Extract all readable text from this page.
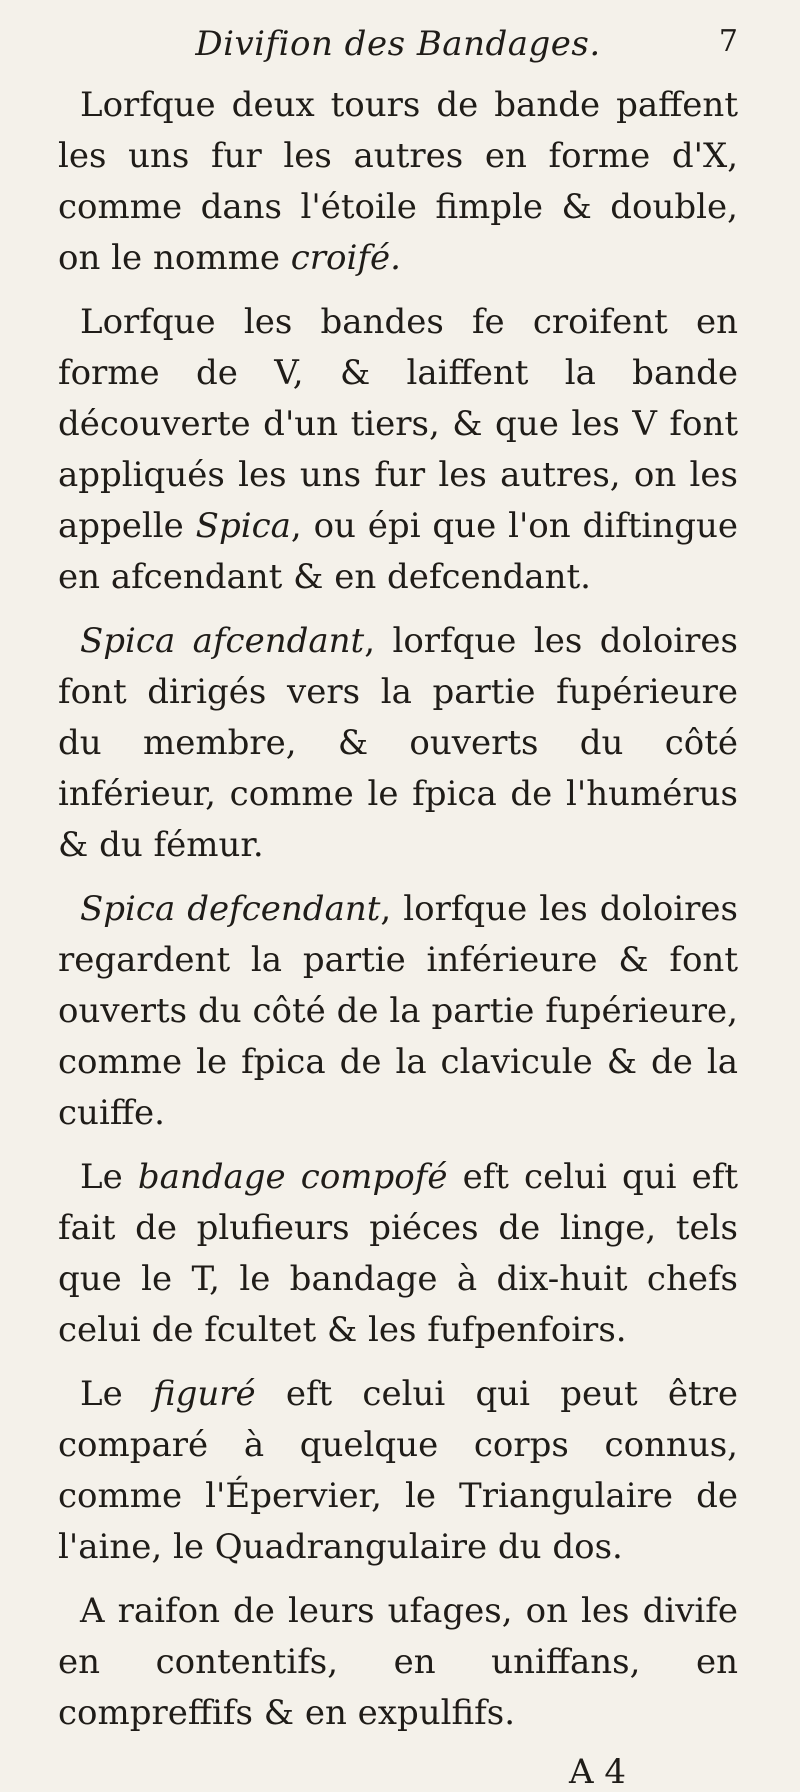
Divifion des Bandages.	7

Lorfque deux tours de bande paffent les uns fur les autres en forme d'X, comme dans l'étoile fimple & double, on le nomme croifé.

Lorfque les bandes fe croifent en forme de V, & laiffent la bande découverte d'un tiers, & que les V font appliqués les uns fur les autres, on les appelle Spica, ou épi que l'on diftingue en afcendant & en defcendant.

Spica afcendant, lorfque les doloires font dirigés vers la partie fupérieure du membre, & ouverts du côté inférieur, comme le fpica de l'humérus & du fémur.

Spica defcendant, lorfque les doloires regardent la partie inférieure & font ouverts du côté de la partie fupérieure, comme le fpica de la clavicule & de la cuiffe.

Le bandage compofé eft celui qui eft fait de plufieurs piéces de linge, tels que le T, le bandage à dix-huit chefs celui de fcultet & les fufpenfoirs.

Le figuré eft celui qui peut être comparé à quelque corps connus, comme l'Épervier, le Triangulaire de l'aine, le Quadrangulaire du dos.

A raifon de leurs ufages, on les divife en contentifs, en uniffans, en compreffifs & en expulfifs.

A 4
